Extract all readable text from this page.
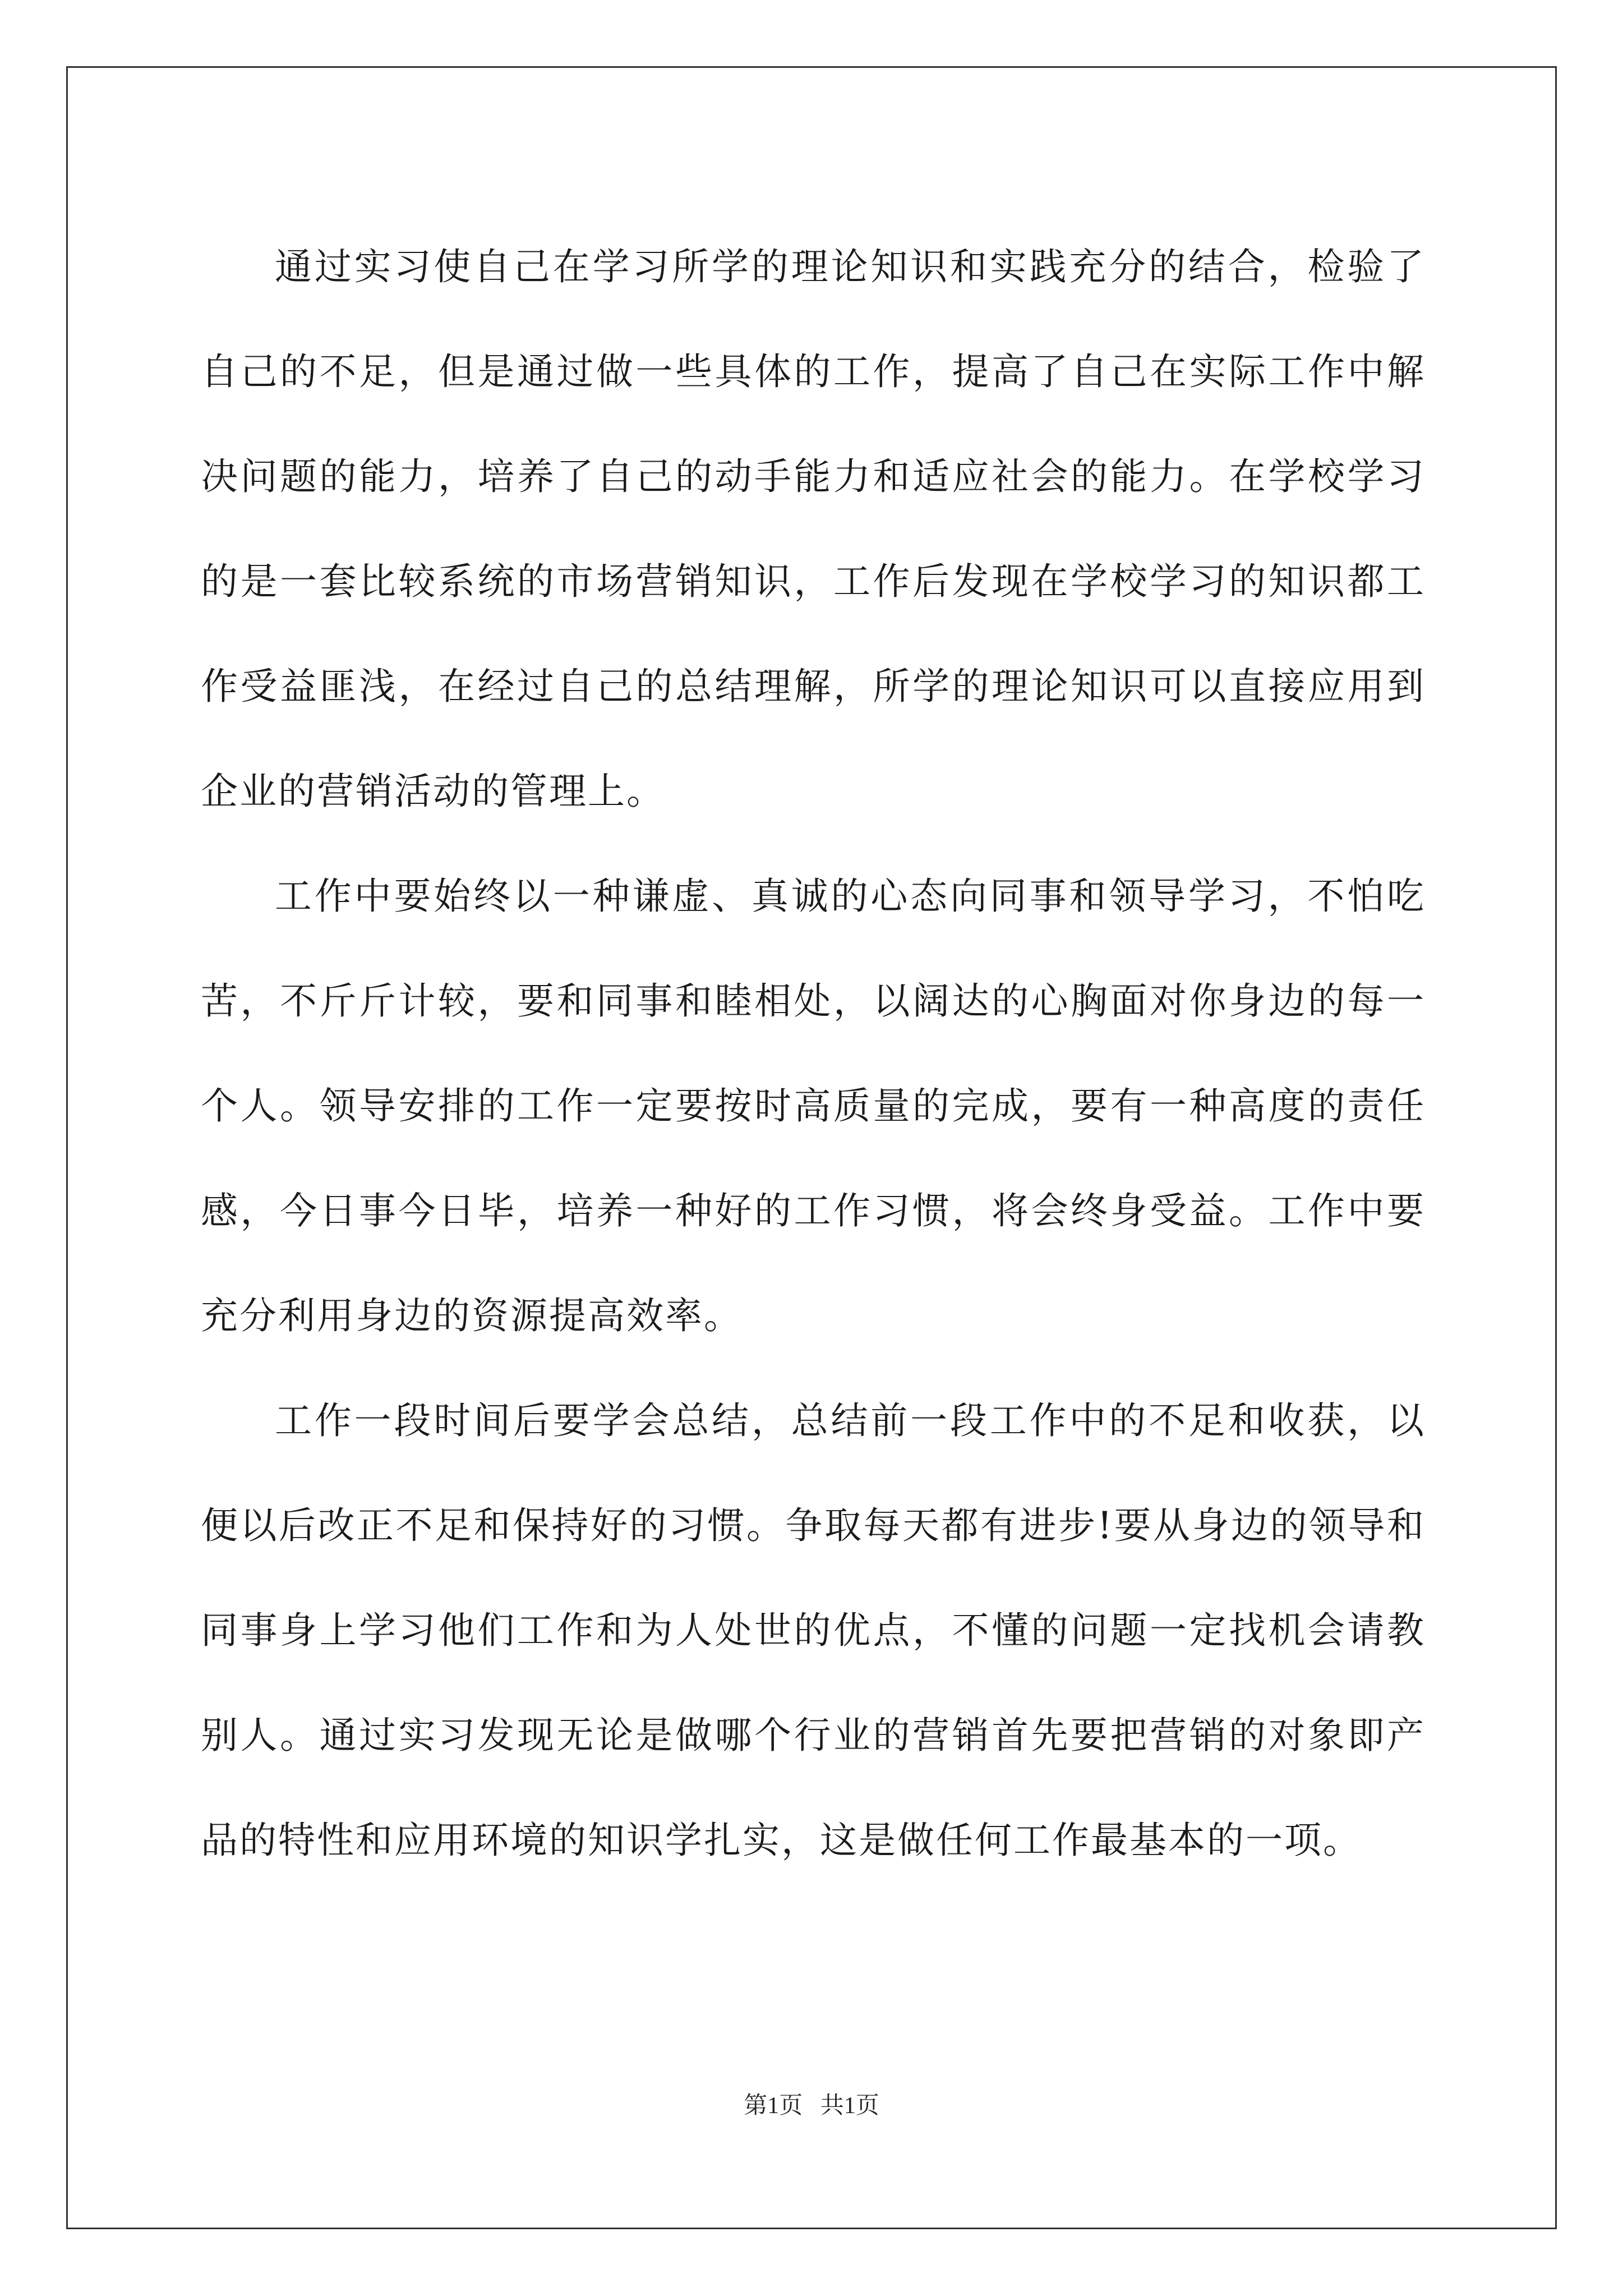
通过实习使自己在学习所学的理论知识和实践充分的结合，检验了自己的不足，但是通过做一些具体的工作，提高了自己在实际工作中解决问题的能力，培养了自己的动手能力和适应社会的能力。在学校学习的是一套比较系统的市场营销知识，工作后发现在学校学习的知识都工作受益匪浅，在经过自己的总结理解，所学的理论知识可以直接应用到企业的营销活动的管理上。

工作中要始终以一种谦虚、真诚的心态向同事和领导学习，不怕吃苦，不斤斤计较，要和同事和睦相处，以阔达的心胸面对你身边的每一个人。领导安排的工作一定要按时高质量的完成，要有一种高度的责任感，今日事今日毕，培养一种好的工作习惯，将会终身受益。工作中要充分利用身边的资源提高效率。

工作一段时间后要学会总结，总结前一段工作中的不足和收获，以便以后改正不足和保持好的习惯。争取每天都有进步!要从身边的领导和同事身上学习他们工作和为人处世的优点，不懂的问题一定找机会请教别人。通过实习发现无论是做哪个行业的营销首先要把营销的对象即产品的特性和应用环境的知识学扎实，这是做任何工作最基本的一项。

第1页   共1页
